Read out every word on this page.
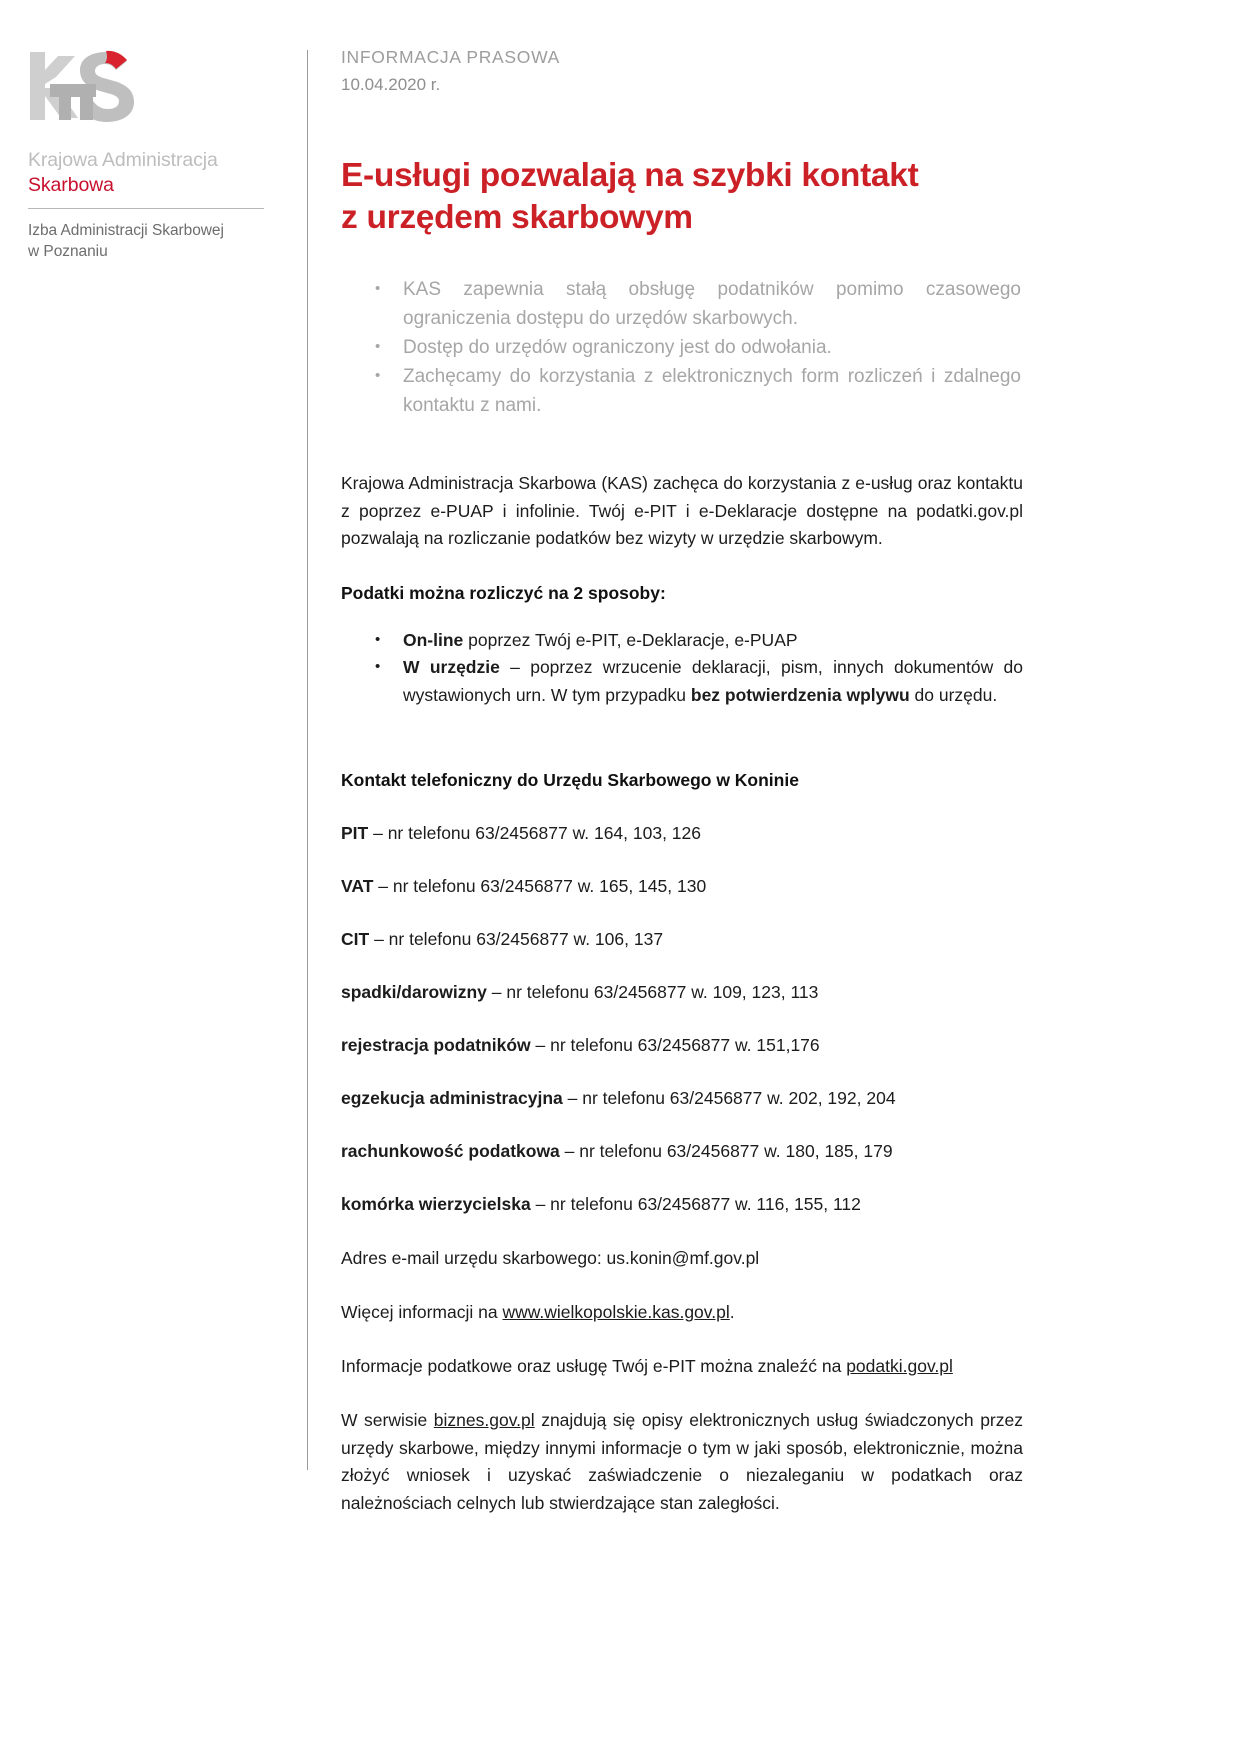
Krajowa Administracja
Skarbowa
Izba Administracji Skarbowej
w Poznaniu
INFORMACJA PRASOWA
10.04.2020 r.
E-usługi pozwalają na szybki kontakt
z urzędem skarbowym
• KAS zapewnia stałą obsługę podatników pomimo czasowego ograniczenia dostępu do urzędów skarbowych.
• Dostęp do urzędów ograniczony jest do odwołania.
• Zachęcamy do korzystania z elektronicznych form rozliczeń i zdalnego kontaktu z nami.

Krajowa Administracja Skarbowa (KAS) zachęca do korzystania z e-usług oraz kontaktu z poprzez e-PUAP i infolinie. Twój e-PIT i e-Deklaracje dostępne na podatki.gov.pl pozwalają na rozliczanie podatków bez wizyty w urzędzie skarbowym.

Podatki można rozliczyć na 2 sposoby:

• On-line poprzez Twój e-PIT, e-Deklaracje, e-PUAP
• W urzędzie – poprzez wrzucenie deklaracji, pism, innych dokumentów do wystawionych urn. W tym przypadku bez potwierdzenia wplywu do urzędu.

Kontakt telefoniczny do Urzędu Skarbowego w Koninie

PIT – nr telefonu 63/2456877 w. 164, 103, 126

VAT – nr telefonu 63/2456877 w. 165, 145, 130

CIT – nr telefonu 63/2456877 w. 106, 137

spadki/darowizny – nr telefonu 63/2456877 w. 109, 123, 113

rejestracja podatników – nr telefonu 63/2456877 w. 151,176

egzekucja administracyjna – nr telefonu 63/2456877 w. 202, 192, 204

rachunkowość podatkowa – nr telefonu 63/2456877 w. 180, 185, 179

komórka wierzycielska – nr telefonu 63/2456877 w. 116, 155, 112

Adres e-mail urzędu skarbowego: us.konin@mf.gov.pl

Więcej informacji na www.wielkopolskie.kas.gov.pl.

Informacje podatkowe oraz usługę Twój e-PIT można znaleźć na podatki.gov.pl

W serwisie biznes.gov.pl znajdują się opisy elektronicznych usług świadczonych przez urzędy skarbowe, między innymi informacje o tym w jaki sposób, elektronicznie, można złożyć wniosek i uzyskać zaświadczenie o niezaleganiu w podatkach oraz należnościach celnych lub stwierdzające stan zaległości.
